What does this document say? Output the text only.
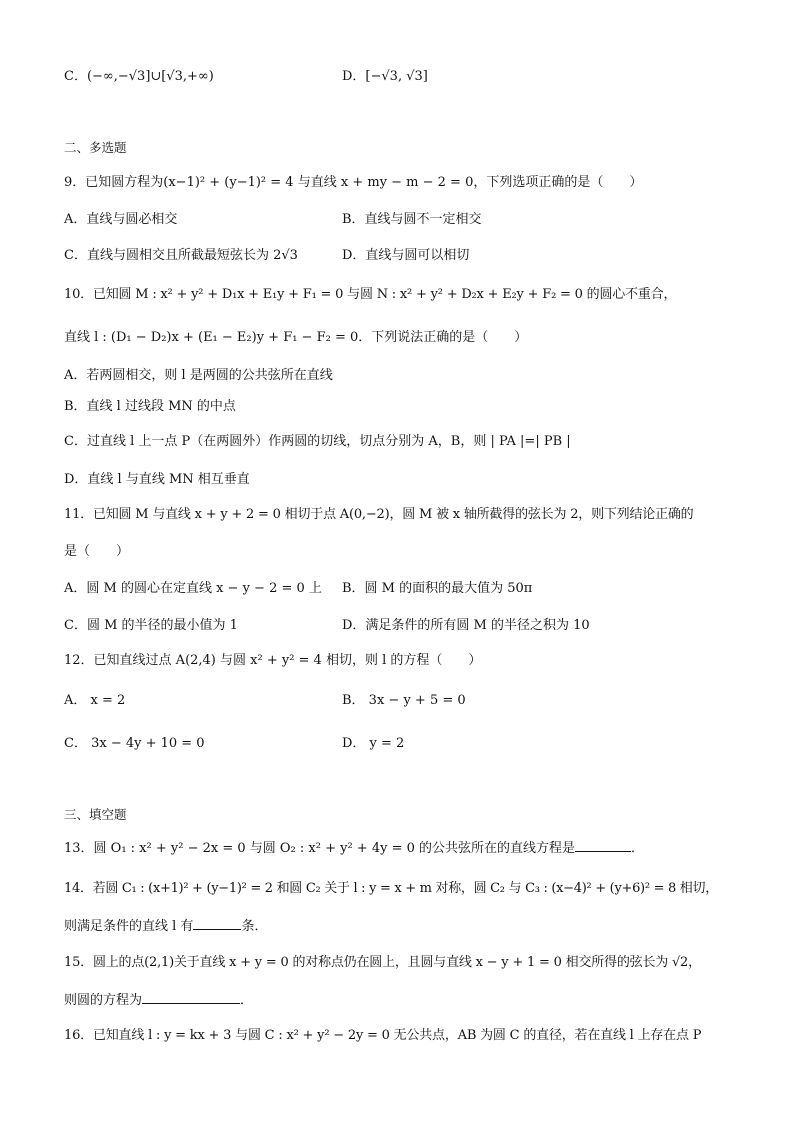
C．(−∞,−√3]∪[√3,+∞)	D．[−√3, √3]
二、多选题
9．已知圆方程为(x−1)² + (y−1)² = 4 与直线 x + my − m − 2 = 0，下列选项正确的是（　　）
A．直线与圆必相交	B．直线与圆不一定相交
C．直线与圆相交且所截最短弦长为 2√3	D．直线与圆可以相切
10．已知圆 M : x² + y² + D₁x + E₁y + F₁ = 0 与圆 N : x² + y² + D₂x + E₂y + F₂ = 0 的圆心不重合，
直线 l : (D₁ − D₂)x + (E₁ − E₂)y + F₁ − F₂ = 0．下列说法正确的是（　　）
A．若两圆相交，则 l 是两圆的公共弦所在直线
B．直线 l 过线段 MN 的中点
C．过直线 l 上一点 P（在两圆外）作两圆的切线，切点分别为 A，B，则 | PA |=| PB |
D．直线 l 与直线 MN 相互垂直
11．已知圆 M 与直线 x + y + 2 = 0 相切于点 A(0,−2)，圆 M 被 x 轴所截得的弦长为 2，则下列结论正确的
是（　　）
A．圆 M 的圆心在定直线 x − y − 2 = 0 上 B．圆 M 的面积的最大值为 50π
C．圆 M 的半径的最小值为 1	D．满足条件的所有圆 M 的半径之积为 10
12．已知直线过点 A(2,4) 与圆 x² + y² = 4 相切，则 l 的方程（　　）
A． x = 2	B． 3x − y + 5 = 0
C． 3x − 4y + 10 = 0	D． y = 2
三、填空题
13．圆 O₁ : x² + y² − 2x = 0 与圆 O₂ : x² + y² + 4y = 0 的公共弦所在的直线方程是	．
14．若圆 C₁ : (x+1)² + (y−1)² = 2 和圆 C₂ 关于 l : y = x + m 对称，圆 C₂ 与 C₃ : (x−4)² + (y+6)² = 8 相切，
则满足条件的直线 l 有	条．
15．圆上的点(2,1)关于直线 x + y = 0 的对称点仍在圆上，且圆与直线 x − y + 1 = 0 相交所得的弦长为 √2，
则圆的方程为	．
16．已知直线 l : y = kx + 3 与圆 C : x² + y² − 2y = 0 无公共点，AB 为圆 C 的直径，若在直线 l 上存在点 P
